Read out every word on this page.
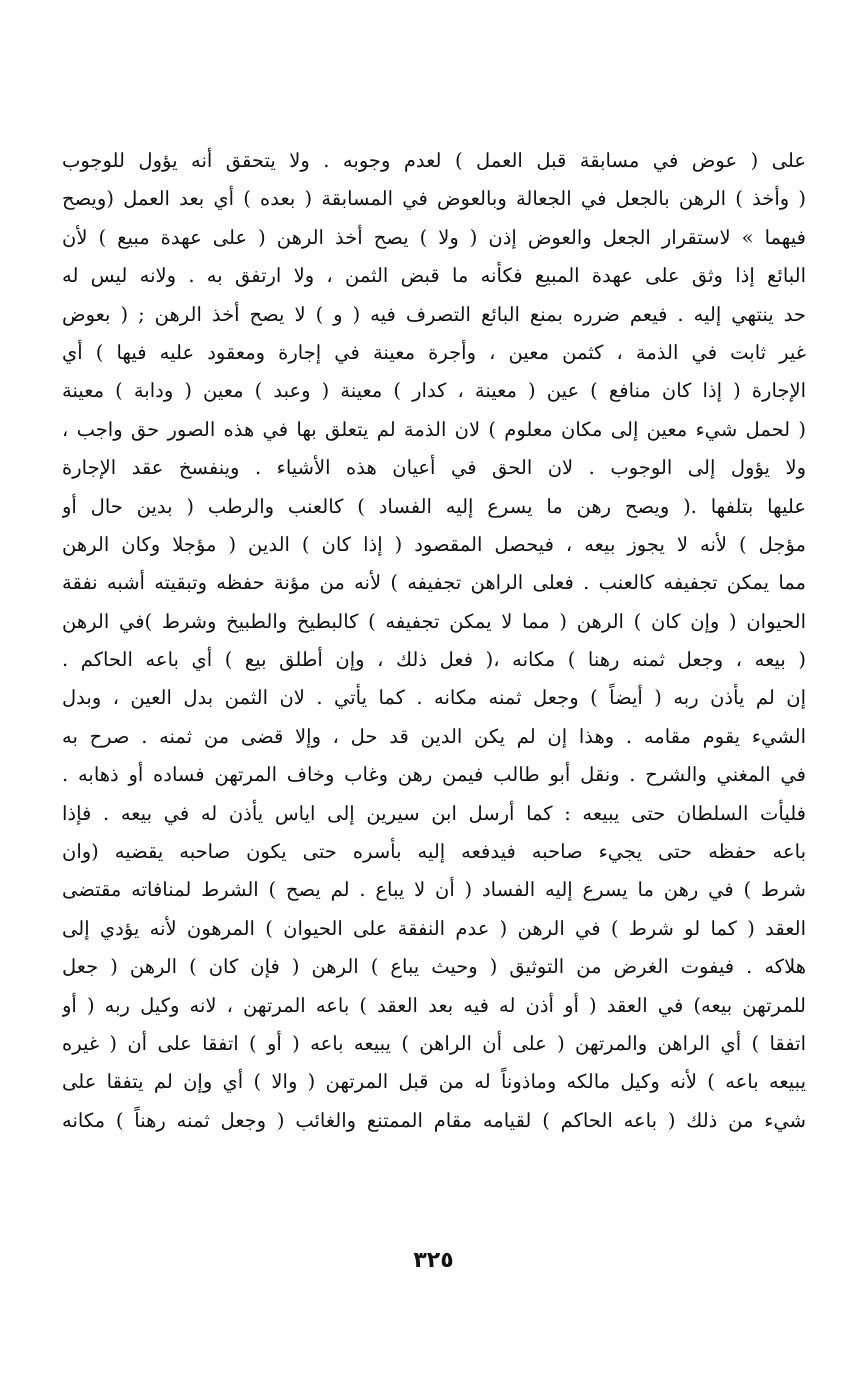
على ( عوض في مسابقة قبل العمل ) لعدم وجوبه . ولا يتحقق أنه يؤول للوجوب
( وأخذ ) الرهن بالجعل في الجعالة وبالعوض في المسابقة ( بعده ) أي بعد العمل (ويصح
فيهما » لاستقرار الجعل والعوض إذن ( ولا ) يصح أخذ الرهن ( على عهدة مبيع ) لأن
البائع إذا وثق على عهدة المبيع فكأنه ما قبض الثمن ، ولا ارتفق به . ولانه ليس له
حد ينتهي إليه . فيعم ضرره بمنع البائع التصرف فيه ( و ) لا يصح أخذ الرهن ; ( بعوض
غير ثابت في الذمة ، كثمن معين ، وأجرة معينة في إجارة ومعقود عليه فيها ) أي
الإجارة ( إذا كان منافع ) عين ( معينة ، كدار ) معينة ( وعبد ) معين ( ودابة ) معينة
( لحمل شيء معين إلى مكان معلوم ) لان الذمة لم يتعلق بها في هذه الصور حق واجب ،
ولا يؤول إلى الوجوب . لان الحق في أعيان هذه الأشياء . وينفسخ عقد الإجارة
عليها بتلفها .( ويصح رهن ما يسرع إليه الفساد ) كالعنب والرطب ( بدين حال أو
مؤجل ) لأنه لا يجوز بيعه ، فيحصل المقصود ( إذا كان ) الدين ( مؤجلا وكان الرهن
مما يمكن تجفيفه كالعنب . فعلى الراهن تجفيفه ) لأنه من مؤنة حفظه وتبقيته أشبه نفقة
الحيوان ( وإن كان ) الرهن ( مما لا يمكن تجفيفه ) كالبطيخ والطبيخ وشرط )في الرهن
( بيعه ، وجعل ثمنه رهنا ) مكانه ،( فعل ذلك ، وإن أطلق بيع ) أي باعه الحاكم .
إن لم يأذن ربه ( أيضاً ) وجعل ثمنه مكانه . كما يأتي . لان الثمن بدل العين ، وبدل
الشيء يقوم مقامه . وهذا إن لم يكن الدين قد حل ، وإلا قضى من ثمنه . صرح به
في المغني والشرح . ونقل أبو طالب فيمن رهن وغاب وخاف المرتهن فساده أو ذهابه .
فليأت السلطان حتى يبيعه : كما أرسل ابن سيرين إلى اياس يأذن له في بيعه . فإذا
باعه حفظه حتى يجيء صاحبه فيدفعه إليه بأسره حتى يكون صاحبه يقضيه (وان
شرط ) في رهن ما يسرع إليه الفساد ( أن لا يباع . لم يصح ) الشرط لمنافاته مقتضى
العقد ( كما لو شرط ) في الرهن ( عدم النفقة على الحيوان ) المرهون لأنه يؤدي إلى
هلاكه . فيفوت الغرض من التوثيق ( وحيث يباع ) الرهن ( فإن كان ) الرهن ( جعل
للمرتهن بيعه) في العقد ( أو أذن له فيه بعد العقد ) باعه المرتهن ، لانه وكيل ربه ( أو
اتفقا ) أي الراهن والمرتهن ( على أن الراهن ) يبيعه باعه ( أو ) اتفقا على أن ( غيره
يبيعه باعه ) لأنه وكيل مالكه وماذوناً له من قبل المرتهن ( والا ) أي وإن لم يتفقا على
شيء من ذلك ( باعه الحاكم ) لقيامه مقام الممتنع والغائب ( وجعل ثمنه رهناً ) مكانه
٣٢٥
